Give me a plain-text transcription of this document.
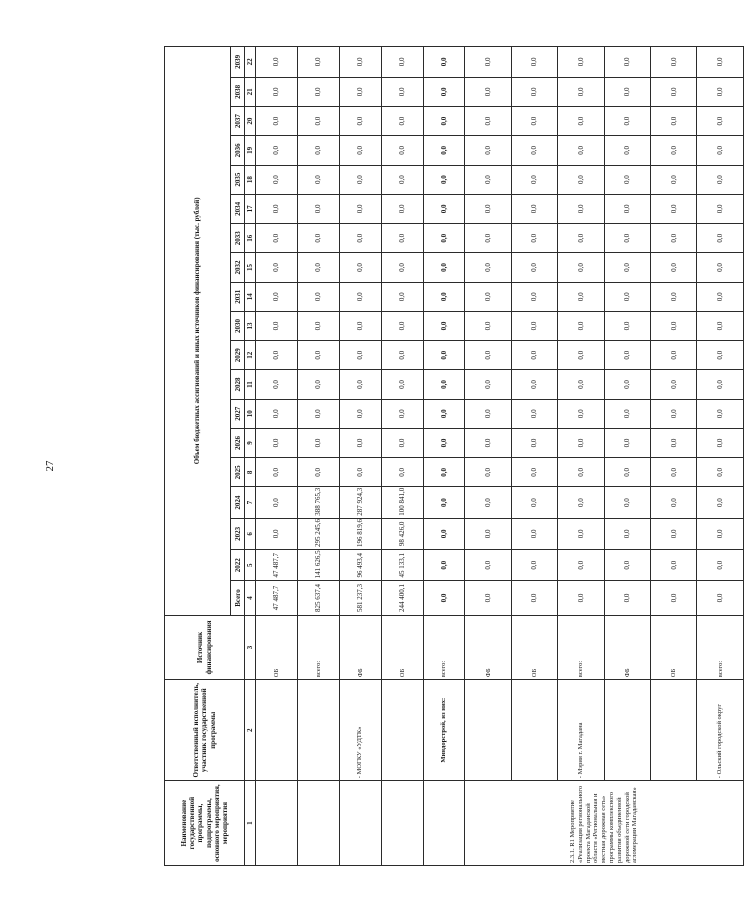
27
Наименование государственной программы, подпрограммы, основного мероприятия, мероприятия	Ответственный исполнитель, участник государственной программы	Источник финансирования	Объем бюджетных ассигнований и иных источников финансирования (тыс. рублей)																		
			Всего	2022	2023	2024	2025	2026	2027	2028	2029	2030	2031	2032	2033	2034	2035	2036	2037	2038	2039
1	2	3	4	5	6	7	8	9	10	11	12	13	14	15	16	17	18	19	20	21	22
		ОБ	47 487,7	47 487,7	0,0	0,0	0,0	0,0	0,0	0,0	0,0	0,0	0,0	0,0	0,0	0,0	0,0	0,0	0,0	0,0	0,0
		всего:	825 637,4	141 626,5	295 245,6	388 765,3	0,0	0,0	0,0	0,0	0,0	0,0	0,0	0,0	0,0	0,0	0,0	0,0	0,0	0,0	0,0
	- МОГКУ «УДТК»	ФБ	581 237,3	96 493,4	196 819,6	287 924,3	0,0	0,0	0,0	0,0	0,0	0,0	0,0	0,0	0,0	0,0	0,0	0,0	0,0	0,0	0,0
		ОБ	244 400,1	45 133,1	98 426,0	100 841,0	0,0	0,0	0,0	0,0	0,0	0,0	0,0	0,0	0,0	0,0	0,0	0,0	0,0	0,0	0,0
	Миндорстрой, из них:	всего:	0,0	0,0	0,0	0,0	0,0	0,0	0,0	0,0	0,0	0,0	0,0	0,0	0,0	0,0	0,0	0,0	0,0	0,0	0,0
2.3.1. R1 Мероприятие «Реализация регионального проекта Магаданской области «Региональная и местная дорожная сеть» программы комплексного развития объединенной дорожной сети городской агломерации Магаданская»		ФБ	0,0	0,0	0,0	0,0	0,0	0,0	0,0	0,0	0,0	0,0	0,0	0,0	0,0	0,0	0,0	0,0	0,0	0,0	0,0
		ОБ	0,0	0,0	0,0	0,0	0,0	0,0	0,0	0,0	0,0	0,0	0,0	0,0	0,0	0,0	0,0	0,0	0,0	0,0	0,0
	- Мэрия г. Магадана	всего:	0,0	0,0	0,0	0,0	0,0	0,0	0,0	0,0	0,0	0,0	0,0	0,0	0,0	0,0	0,0	0,0	0,0	0,0	0,0
		ФБ	0,0	0,0	0,0	0,0	0,0	0,0	0,0	0,0	0,0	0,0	0,0	0,0	0,0	0,0	0,0	0,0	0,0	0,0	0,0
		ОБ	0,0	0,0	0,0	0,0	0,0	0,0	0,0	0,0	0,0	0,0	0,0	0,0	0,0	0,0	0,0	0,0	0,0	0,0	0,0
	- Ольский городской округ	всего:	0,0	0,0	0,0	0,0	0,0	0,0	0,0	0,0	0,0	0,0	0,0	0,0	0,0	0,0	0,0	0,0	0,0	0,0	0,0
